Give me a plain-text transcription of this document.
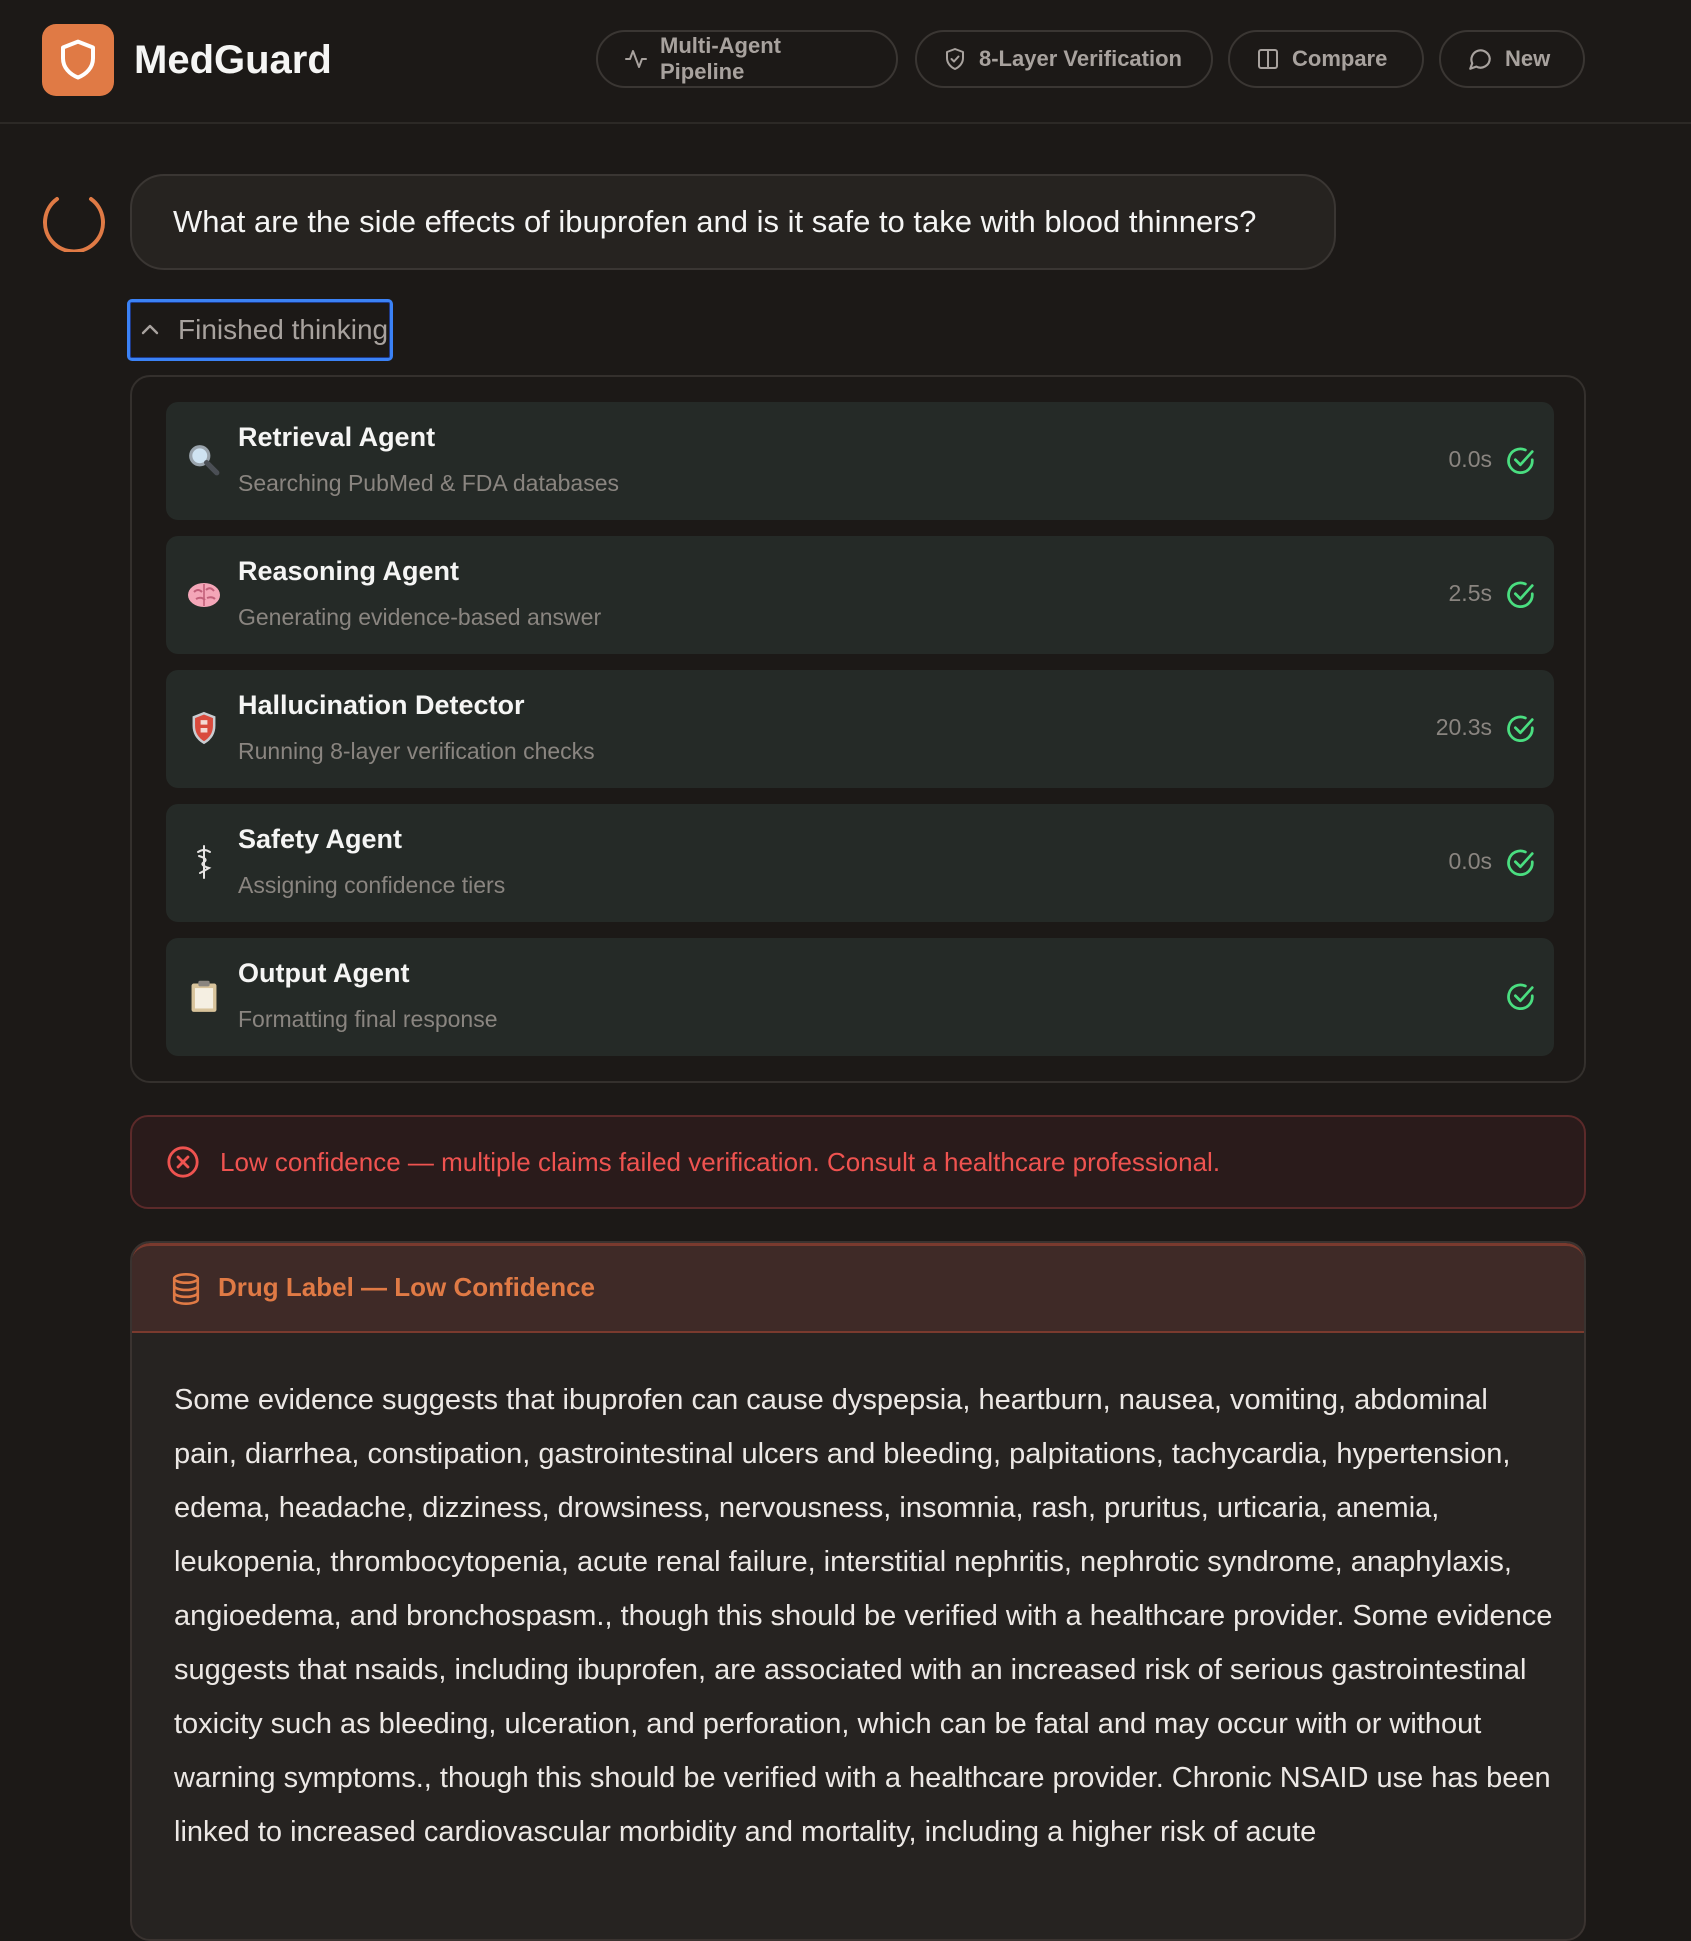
MedGuard	Multi-Agent Pipeline
8-Layer Verification	Compare	New
What are the side effects of ibuprofen and is it safe to take with blood thinners?
Finished thinking
Retrieval Agent
Searching PubMed & FDA databases
0.0s
Reasoning Agent
Generating evidence-based answer
2.5s
Hallucination Detector
Running 8-layer verification checks
20.3s
Safety Agent
Assigning confidence tiers
0.0s
Output Agent
Formatting final response
Low confidence — multiple claims failed verification. Consult a healthcare professional.
Drug Label — Low Confidence
Some evidence suggests that ibuprofen can cause dyspepsia, heartburn, nausea, vomiting, abdominal pain, diarrhea, constipation, gastrointestinal ulcers and bleeding, palpitations, tachycardia, hypertension, edema, headache, dizziness, drowsiness, nervousness, insomnia, rash, pruritus, urticaria, anemia, leukopenia, thrombocytopenia, acute renal failure, interstitial nephritis, nephrotic syndrome, anaphylaxis, angioedema, and bronchospasm., though this should be verified with a healthcare provider. Some evidence suggests that nsaids, including ibuprofen, are associated with an increased risk of serious gastrointestinal toxicity such as bleeding, ulceration, and perforation, which can be fatal and may occur with or without warning symptoms., though this should be verified with a healthcare provider. Chronic NSAID use has been linked to increased cardiovascular morbidity and mortality, including a higher risk of acute
